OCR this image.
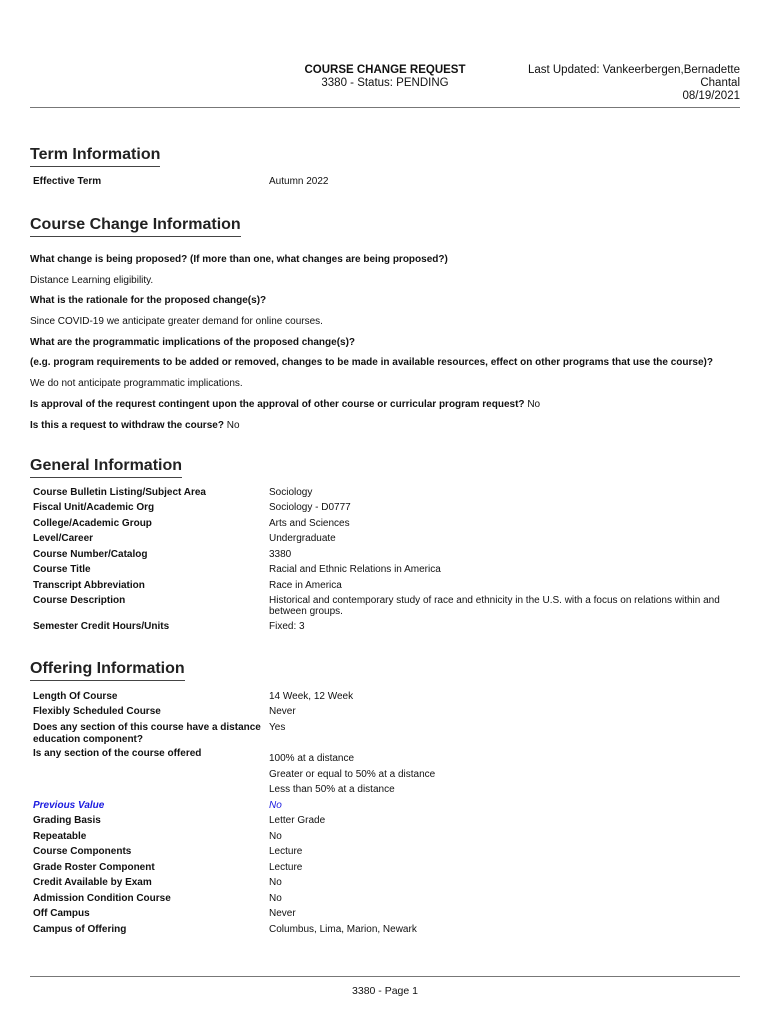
COURSE CHANGE REQUEST
3380 - Status: PENDING
Last Updated: Vankeerbergen,Bernadette
Chantal
08/19/2021
Term Information
Effective Term	Autumn 2022
Course Change Information
What change is being proposed? (If more than one, what changes are being proposed?)
Distance Learning eligibility.
What is the rationale for the proposed change(s)?
Since COVID-19 we anticipate greater demand for online courses.
What are the programmatic implications of the proposed change(s)?
(e.g. program requirements to be added or removed, changes to be made in available resources, effect on other programs that use the course)?
We do not anticipate programmatic implications.
Is approval of the requrest contingent upon the approval of other course or curricular program request? No
Is this a request to withdraw the course? No
General Information
Course Bulletin Listing/Subject Area	Sociology
Fiscal Unit/Academic Org	Sociology - D0777
College/Academic Group	Arts and Sciences
Level/Career	Undergraduate
Course Number/Catalog	3380
Course Title	Racial and Ethnic Relations in America
Transcript Abbreviation	Race in America
Course Description	Historical and contemporary study of race and ethnicity in the U.S. with a focus on relations within and
between groups.
Semester Credit Hours/Units	Fixed: 3
Offering Information
Length Of Course	14 Week, 12 Week
Flexibly Scheduled Course	Never
Does any section of this course have a distance
education component?
Yes
Is any section of the course offered	100% at a distance
Greater or equal to 50% at a distance
Less than 50% at a distance
Previous Value	No
Grading Basis	Letter Grade
Repeatable	No
Course Components	Lecture
Grade Roster Component	Lecture
Credit Available by Exam	No
Admission Condition Course	No
Off Campus	Never
Campus of Offering	Columbus, Lima, Marion, Newark
3380 - Page 1
